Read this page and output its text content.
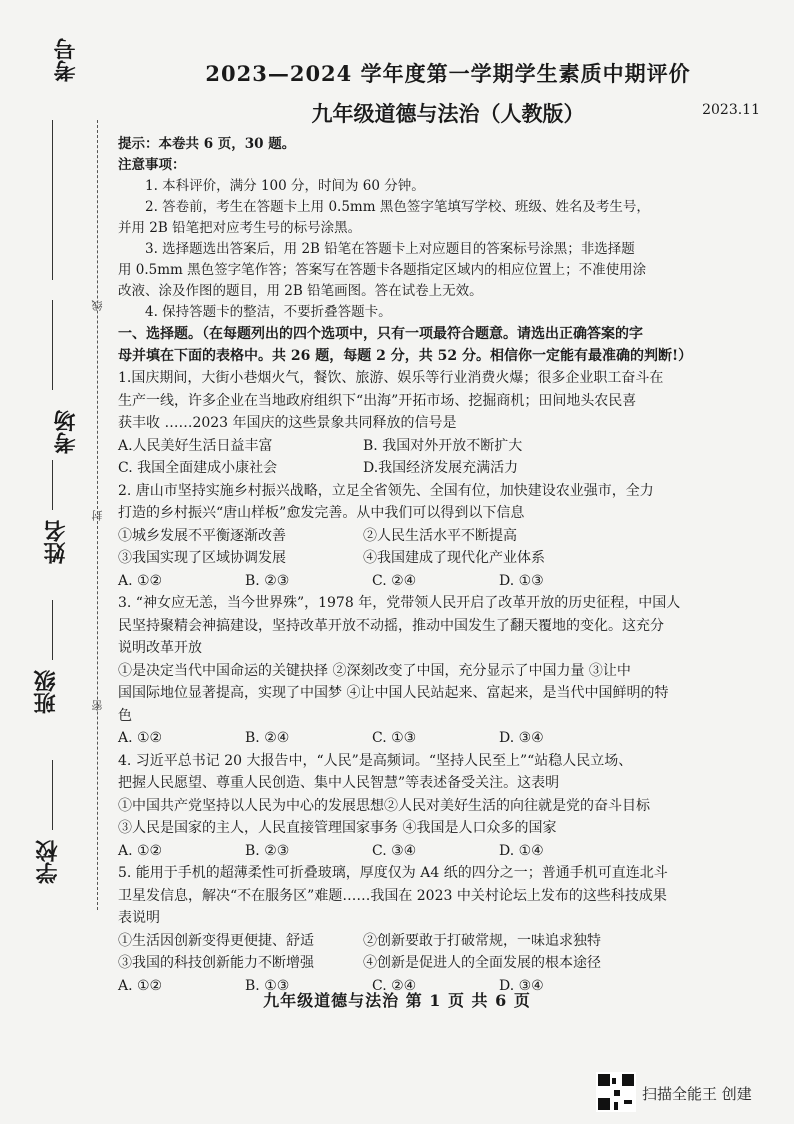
考号
考场
姓名
班级
学校
线
封
密
2023—2024 学年度第一学期学生素质中期评价
九年级道德与法治（人教版）	2023.11

提示：本卷共 6 页，30 题。

注意事项：

1. 本科评价，满分 100 分，时间为 60 分钟。

2. 答卷前，考生在答题卡上用 0.5mm 黑色签字笔填写学校、班级、姓名及考生号，

并用 2B 铅笔把对应考生号的标号涂黑。

3. 选择题选出答案后，用 2B 铅笔在答题卡上对应题目的答案标号涂黑；非选择题

用 0.5mm 黑色签字笔作答；答案写在答题卡各题指定区域内的相应位置上；不准使用涂

改液、涂及作图的题目，用 2B 铅笔画图。答在试卷上无效。

4. 保持答题卡的整洁，不要折叠答题卡。

一、选择题。（在每题列出的四个选项中，只有一项最符合题意。请选出正确答案的字

母并填在下面的表格中。共 26 题，每题 2 分，共 52 分。相信你一定能有最准确的判断!）

1.国庆期间，大街小巷烟火气，餐饮、旅游、娱乐等行业消费火爆；很多企业职工奋斗在

生产一线，许多企业在当地政府组织下“出海”开拓市场、挖掘商机；田间地头农民喜

获丰收 ……2023 年国庆的这些景象共同释放的信号是

A.人民美好生活日益丰富	B. 我国对外开放不断扩大
C. 我国全面建成小康社会	D.我国经济发展充满活力

2. 唐山市坚持实施乡村振兴战略，立足全省领先、全国有位，加快建设农业强市，全力

打造的乡村振兴“唐山样板”愈发完善。从中我们可以得到以下信息

①城乡发展不平衡逐渐改善	②人民生活水平不断提高
③我国实现了区域协调发展	④我国建成了现代化产业体系
A. ①②	B. ②③	C. ②④	D. ①③

3. “神女应无恙，当今世界殊”，1978 年，党带领人民开启了改革开放的历史征程，中国人

民坚持聚精会神搞建设，坚持改革开放不动摇，推动中国发生了翻天覆地的变化。这充分

说明改革开放

①是决定当代中国命运的关键抉择 ②深刻改变了中国，充分显示了中国力量 ③让中

国国际地位显著提高，实现了中国梦 ④让中国人民站起来、富起来，是当代中国鲜明的特

色

A. ①②	B. ②④	C. ①③	D. ③④

4. 习近平总书记 20 大报告中，“人民”是高频词。“坚持人民至上”“站稳人民立场、

把握人民愿望、尊重人民创造、集中人民智慧”等表述备受关注。这表明

①中国共产党坚持以人民为中心的发展思想②人民对美好生活的向往就是党的奋斗目标

③人民是国家的主人，人民直接管理国家事务 ④我国是人口众多的国家

A. ①②	B. ②③	C. ③④	D. ①④

5. 能用于手机的超薄柔性可折叠玻璃，厚度仅为 A4 纸的四分之一；普通手机可直连北斗

卫星发信息，解决“不在服务区”难题……我国在 2023 中关村论坛上发布的这些科技成果

表说明

①生活因创新变得更便捷、舒适	②创新要敢于打破常规，一味追求独特
③我国的科技创新能力不断增强	④创新是促进人的全面发展的根本途径
A. ①②	B. ①③	C. ②④	D. ③④
九年级道德与法治 第 1 页 共 6 页
扫描全能王 创建
